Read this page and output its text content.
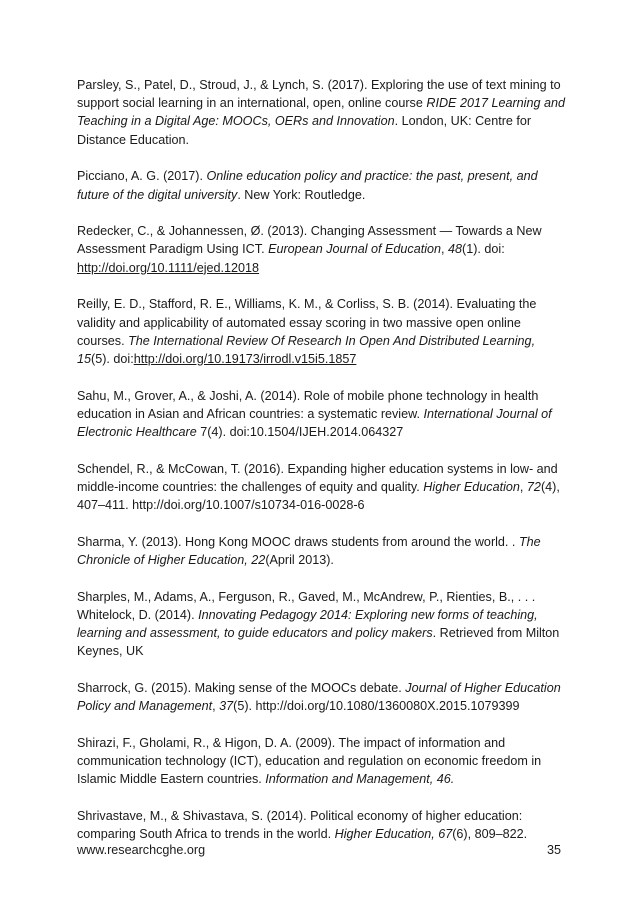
Parsley, S., Patel, D., Stroud, J., & Lynch, S. (2017). Exploring the use of text mining to support social learning in an international, open, online course RIDE 2017 Learning and Teaching in a Digital Age: MOOCs, OERs and Innovation. London, UK: Centre for Distance Education.

Picciano, A. G. (2017). Online education policy and practice: the past, present, and future of the digital university. New York: Routledge.

Redecker, C., & Johannessen, Ø. (2013). Changing Assessment — Towards a New Assessment Paradigm Using ICT. European Journal of Education, 48(1). doi: http://doi.org/10.1111/ejed.12018

Reilly, E. D., Stafford, R. E., Williams, K. M., & Corliss, S. B. (2014). Evaluating the validity and applicability of automated essay scoring in two massive open online courses. The International Review Of Research In Open And Distributed Learning, 15(5). doi:http://doi.org/10.19173/irrodl.v15i5.1857

Sahu, M., Grover, A., & Joshi, A. (2014). Role of mobile phone technology in health education in Asian and African countries: a systematic review. International Journal of Electronic Healthcare 7(4). doi:10.1504/IJEH.2014.064327

Schendel, R., & McCowan, T. (2016). Expanding higher education systems in low- and middle-income countries: the challenges of equity and quality. Higher Education, 72(4), 407–411. http://doi.org/10.1007/s10734-016-0028-6

Sharma, Y. (2013). Hong Kong MOOC draws students from around the world. . The Chronicle of Higher Education, 22(April 2013).

Sharples, M., Adams, A., Ferguson, R., Gaved, M., McAndrew, P., Rienties, B., . . . Whitelock, D. (2014). Innovating Pedagogy 2014: Exploring new forms of teaching, learning and assessment, to guide educators and policy makers. Retrieved from Milton Keynes, UK

Sharrock, G. (2015). Making sense of the MOOCs debate. Journal of Higher Education Policy and Management, 37(5). http://doi.org/10.1080/1360080X.2015.1079399

Shirazi, F., Gholami, R., & Higon, D. A. (2009). The impact of information and communication technology (ICT), education and regulation on economic freedom in Islamic Middle Eastern countries. Information and Management, 46.

Shrivastave, M., & Shivastava, S. (2014). Political economy of higher education: comparing South Africa to trends in the world. Higher Education, 67(6), 809–822.

www.researchcghe.org	35
